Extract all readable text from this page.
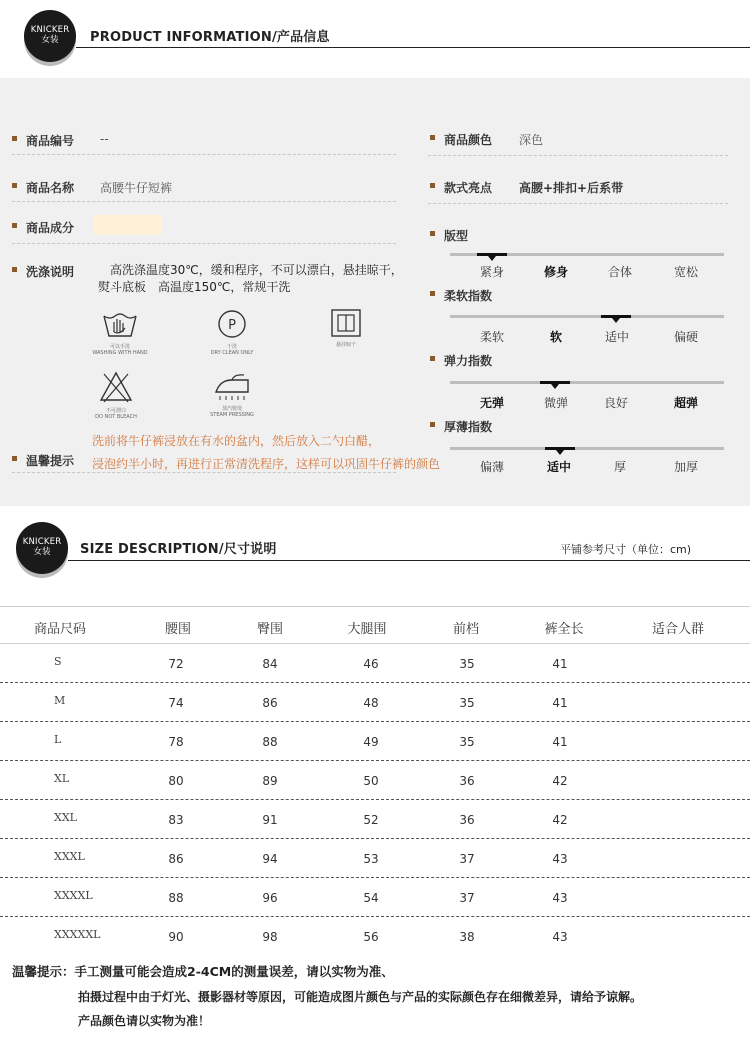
KNICKER
女装	PRODUCT INFORMATION/产品信息
商品编号 --
商品名称 高腰牛仔短裤
商品成分
洗涤说明	高洗涤温度30℃，缓和程序，不可以漂白，悬挂晾干，熨斗底板　高温度150℃，常规干洗
可以手洗
WASHING WITH HAND
P
干洗
DRY CLEAN ONLY
悬挂晾干
不可漂白
DO NOT BLEACH
蒸汽熨烫
STEAM PRESSING
洗前将牛仔裤浸放在有水的盆内，然后放入二勺白醋，
温馨提示 浸泡约半小时，再进行正常清洗程序，这样可以巩固牛仔裤的颜色
商品颜色 深色
款式亮点 高腰+排扣+后系带
版型
紧身	修身	合体	宽松
柔软指数
柔软	软	适中	偏硬
弹力指数
无弹	微弹	良好	超弹
厚薄指数
偏薄	适中	厚	加厚
KNICKER
女装	SIZE DESCRIPTION/尺寸说明	平铺参考尺寸（单位：cm)
商品尺码	腰围	臀围	大腿围	前档	裤全长	适合人群
S	72	84	46	35	41
M	74	86	48	35	41
L	78	88	49	35	41
XL	80	89	50	36	42
XXL	83	91	52	36	42
XXXL	86	94	53	37	43
XXXXL	88	96	54	37	43
XXXXXL	90	98	56	38	43
温馨提示：手工测量可能会造成2-4CM的测量误差，请以实物为准、
拍摄过程中由于灯光、摄影器材等原因，可能造成图片颜色与产品的实际颜色存在细微差异，请给予谅解。
产品颜色请以实物为准！
